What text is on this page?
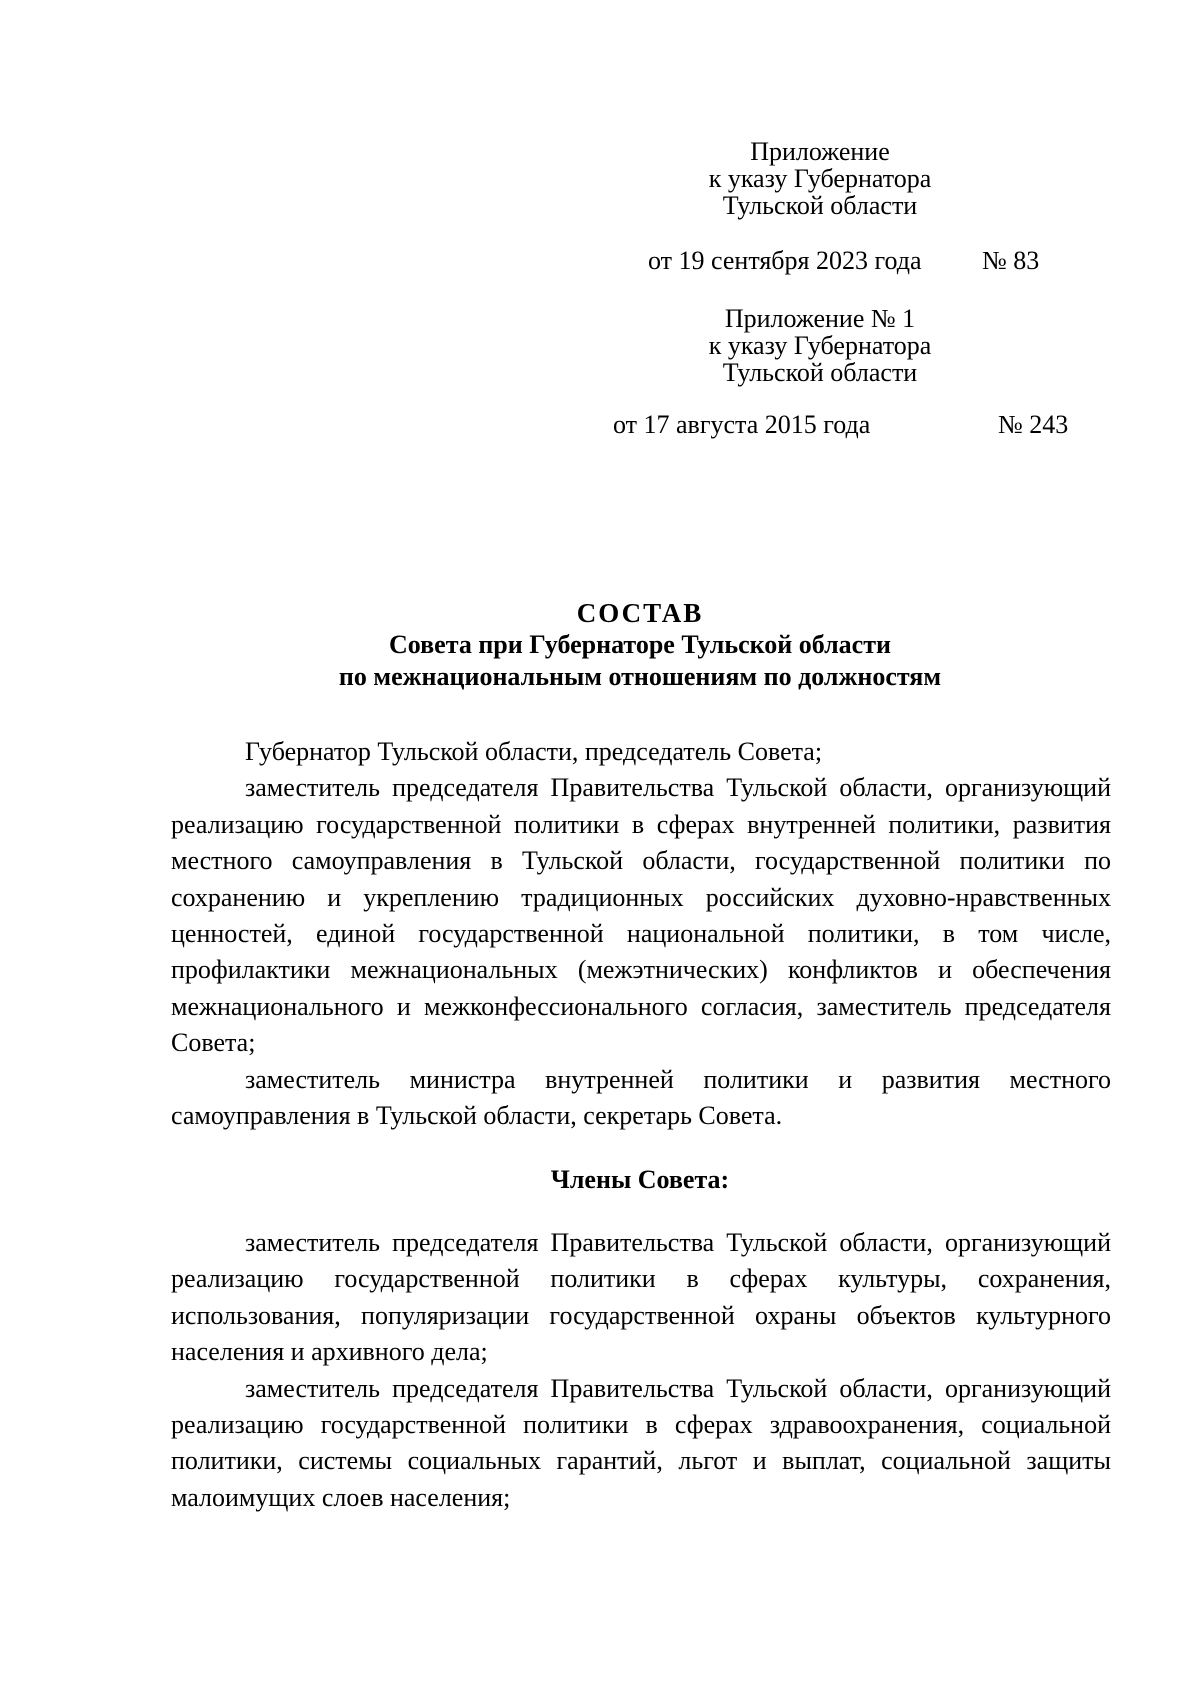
Приложение
к указу Губернатора
Тульской области
от 19 сентября 2023 года № 83
Приложение № 1
к указу Губернатора
Тульской области
от 17 августа 2015 года	№ 243
СОСТАВ
Совета при Губернаторе Тульской области
по межнациональным отношениям по должностям

Губернатор Тульской области, председатель Совета;

заместитель председателя Правительства Тульской области, организующий реализацию государственной политики в сферах внутренней политики, развития местного самоуправления в Тульской области, государственной политики по сохранению и укреплению традиционных российских духовно-нравственных ценностей, единой государственной национальной политики, в том числе, профилактики межнациональных (межэтнических) конфликтов и обеспечения межнационального и межконфессионального согласия, заместитель председателя Совета;

заместитель министра внутренней политики и развития местного самоуправления в Тульской области, секретарь Совета.

Члены Совета:

заместитель председателя Правительства Тульской области, организующий реализацию государственной политики в сферах культуры, сохранения, использования, популяризации государственной охраны объектов культурного населения и архивного дела;

заместитель председателя Правительства Тульской области, организующий реализацию государственной политики в сферах здравоохранения, социальной политики, системы социальных гарантий, льгот и выплат, социальной защиты малоимущих слоев населения;
